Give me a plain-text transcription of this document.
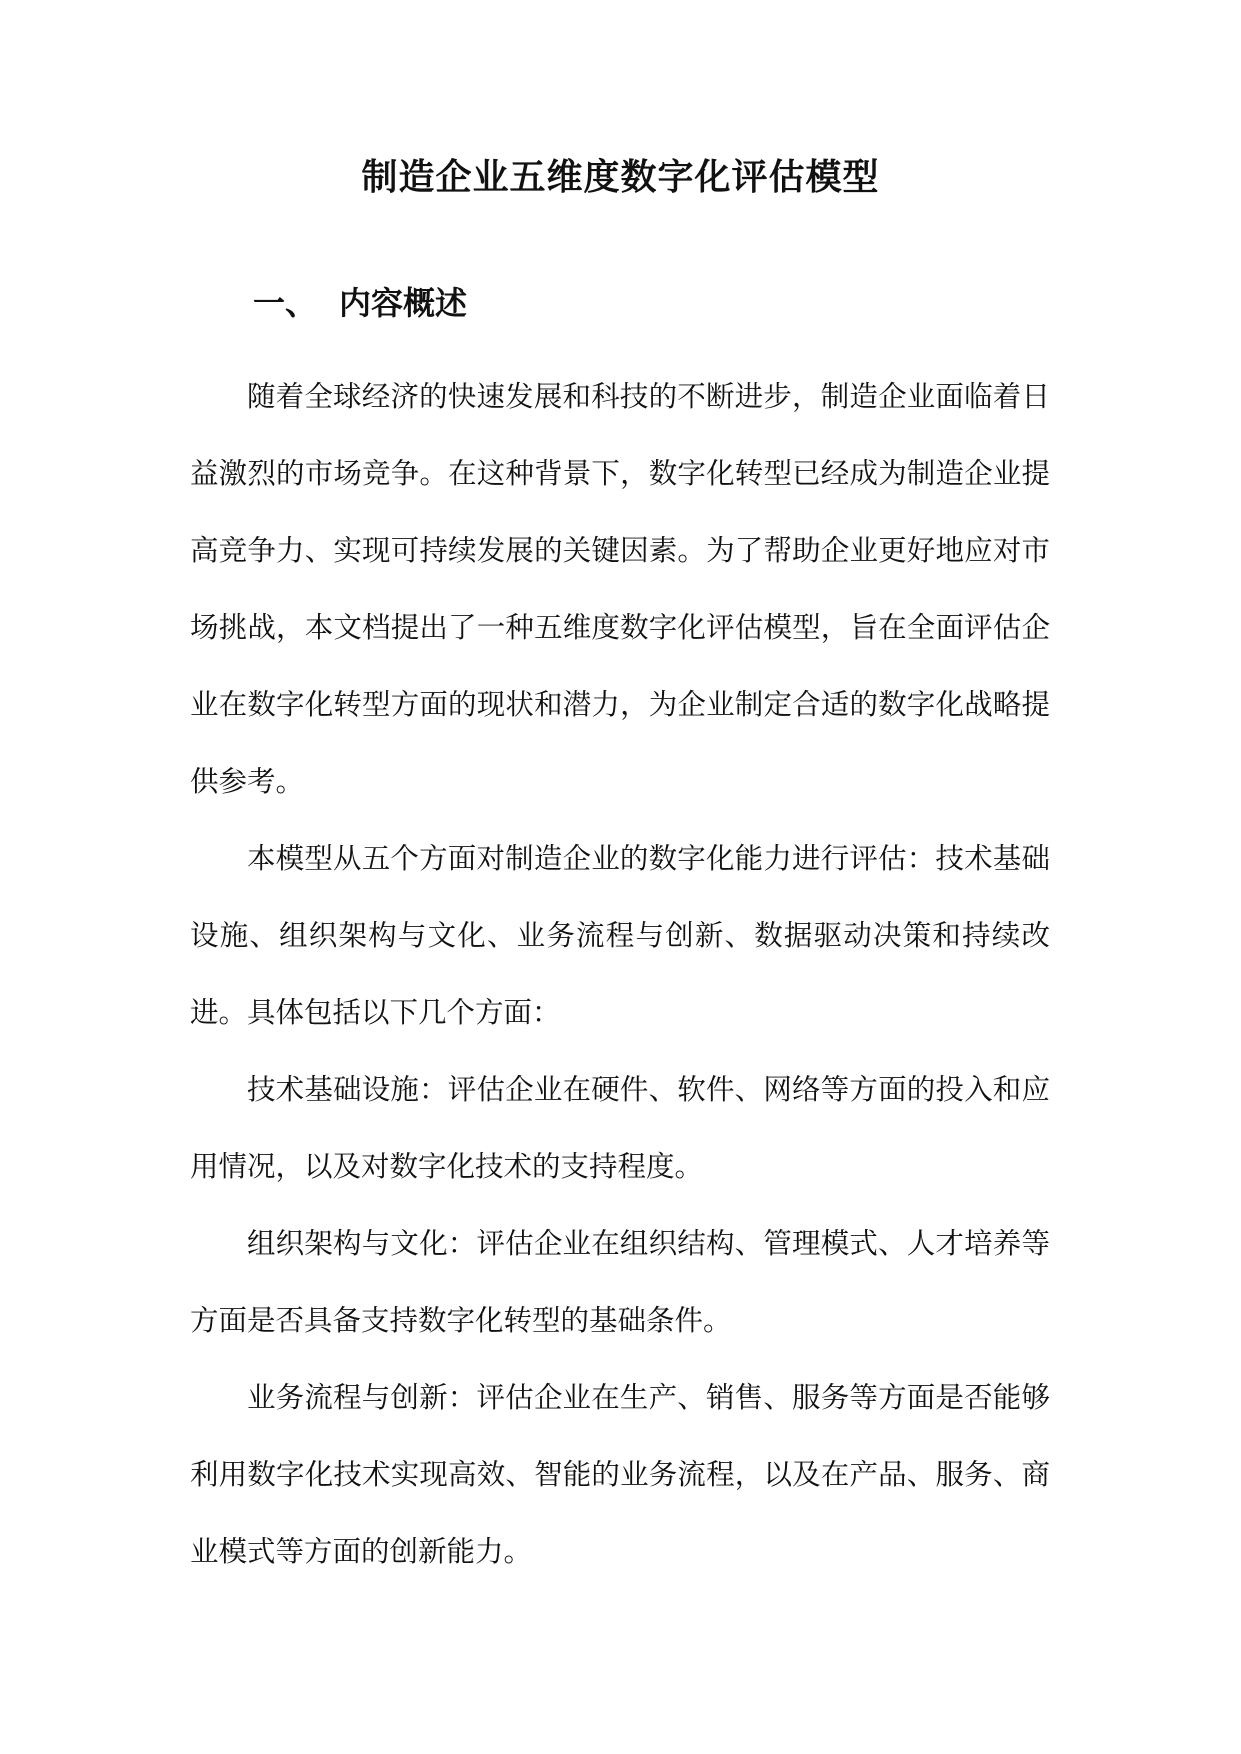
制造企业五维度数字化评估模型
一、 内容概述

随着全球经济的快速发展和科技的不断进步，制造企业面临着日益激烈的市场竞争。在这种背景下，数字化转型已经成为制造企业提高竞争力、实现可持续发展的关键因素。为了帮助企业更好地应对市场挑战，本文档提出了一种五维度数字化评估模型，旨在全面评估企业在数字化转型方面的现状和潜力，为企业制定合适的数字化战略提供参考。

本模型从五个方面对制造企业的数字化能力进行评估：技术基础设施、组织架构与文化、业务流程与创新、数据驱动决策和持续改进。具体包括以下几个方面：

技术基础设施：评估企业在硬件、软件、网络等方面的投入和应用情况，以及对数字化技术的支持程度。

组织架构与文化：评估企业在组织结构、管理模式、人才培养等方面是否具备支持数字化转型的基础条件。

业务流程与创新：评估企业在生产、销售、服务等方面是否能够利用数字化技术实现高效、智能的业务流程，以及在产品、服务、商业模式等方面的创新能力。
